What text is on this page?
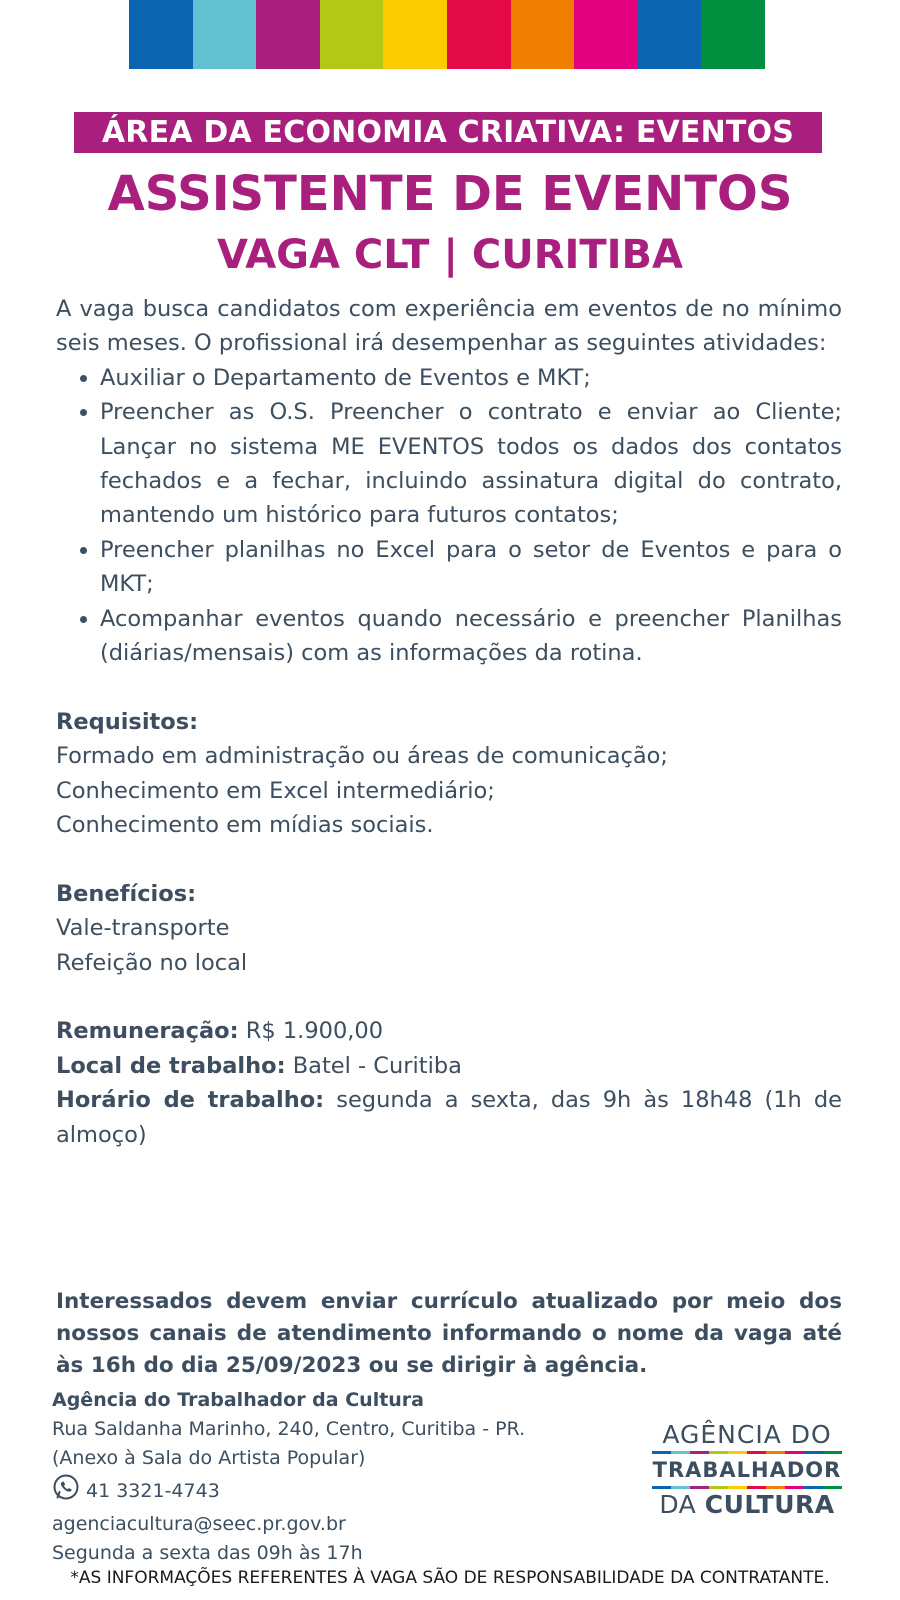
ÁREA DA ECONOMIA CRIATIVA: EVENTOS
ASSISTENTE DE EVENTOS
VAGA CLT | CURITIBA

A vaga busca candidatos com experiência em eventos de no mínimo seis meses. O profissional irá desempenhar as seguintes atividades:

• Auxiliar o Departamento de Eventos e MKT;
• Preencher as O.S. Preencher o contrato e enviar ao Cliente; Lançar no sistema ME EVENTOS todos os dados dos contatos fechados e a fechar, incluindo assinatura digital do contrato, mantendo um histórico para futuros contatos;
• Preencher planilhas no Excel para o setor de Eventos e para o MKT;
• Acompanhar eventos quando necessário e preencher Planilhas (diárias/mensais) com as informações da rotina.

Requisitos:

Formado em administração ou áreas de comunicação;

Conhecimento em Excel intermediário;

Conhecimento em mídias sociais.

Benefícios:

Vale-transporte

Refeição no local

Remuneração: R$ 1.900,00

Local de trabalho: Batel - Curitiba

Horário de trabalho: segunda a sexta, das 9h às 18h48 (1h de almoço)

Interessados devem enviar currículo atualizado por meio dos nossos canais de atendimento informando o nome da vaga até às 16h do dia 25/09/2023 ou se dirigir à agência.
Agência do Trabalhador da Cultura
Rua Saldanha Marinho, 240, Centro, Curitiba - PR.
(Anexo à Sala do Artista Popular)
41 3321-4743
agenciacultura@seec.pr.gov.br
Segunda a sexta das 09h às 17h
AGÊNCIA DO
TRABALHADOR
DA CULTURA
*AS INFORMAÇÕES REFERENTES À VAGA SÃO DE RESPONSABILIDADE DA CONTRATANTE.
